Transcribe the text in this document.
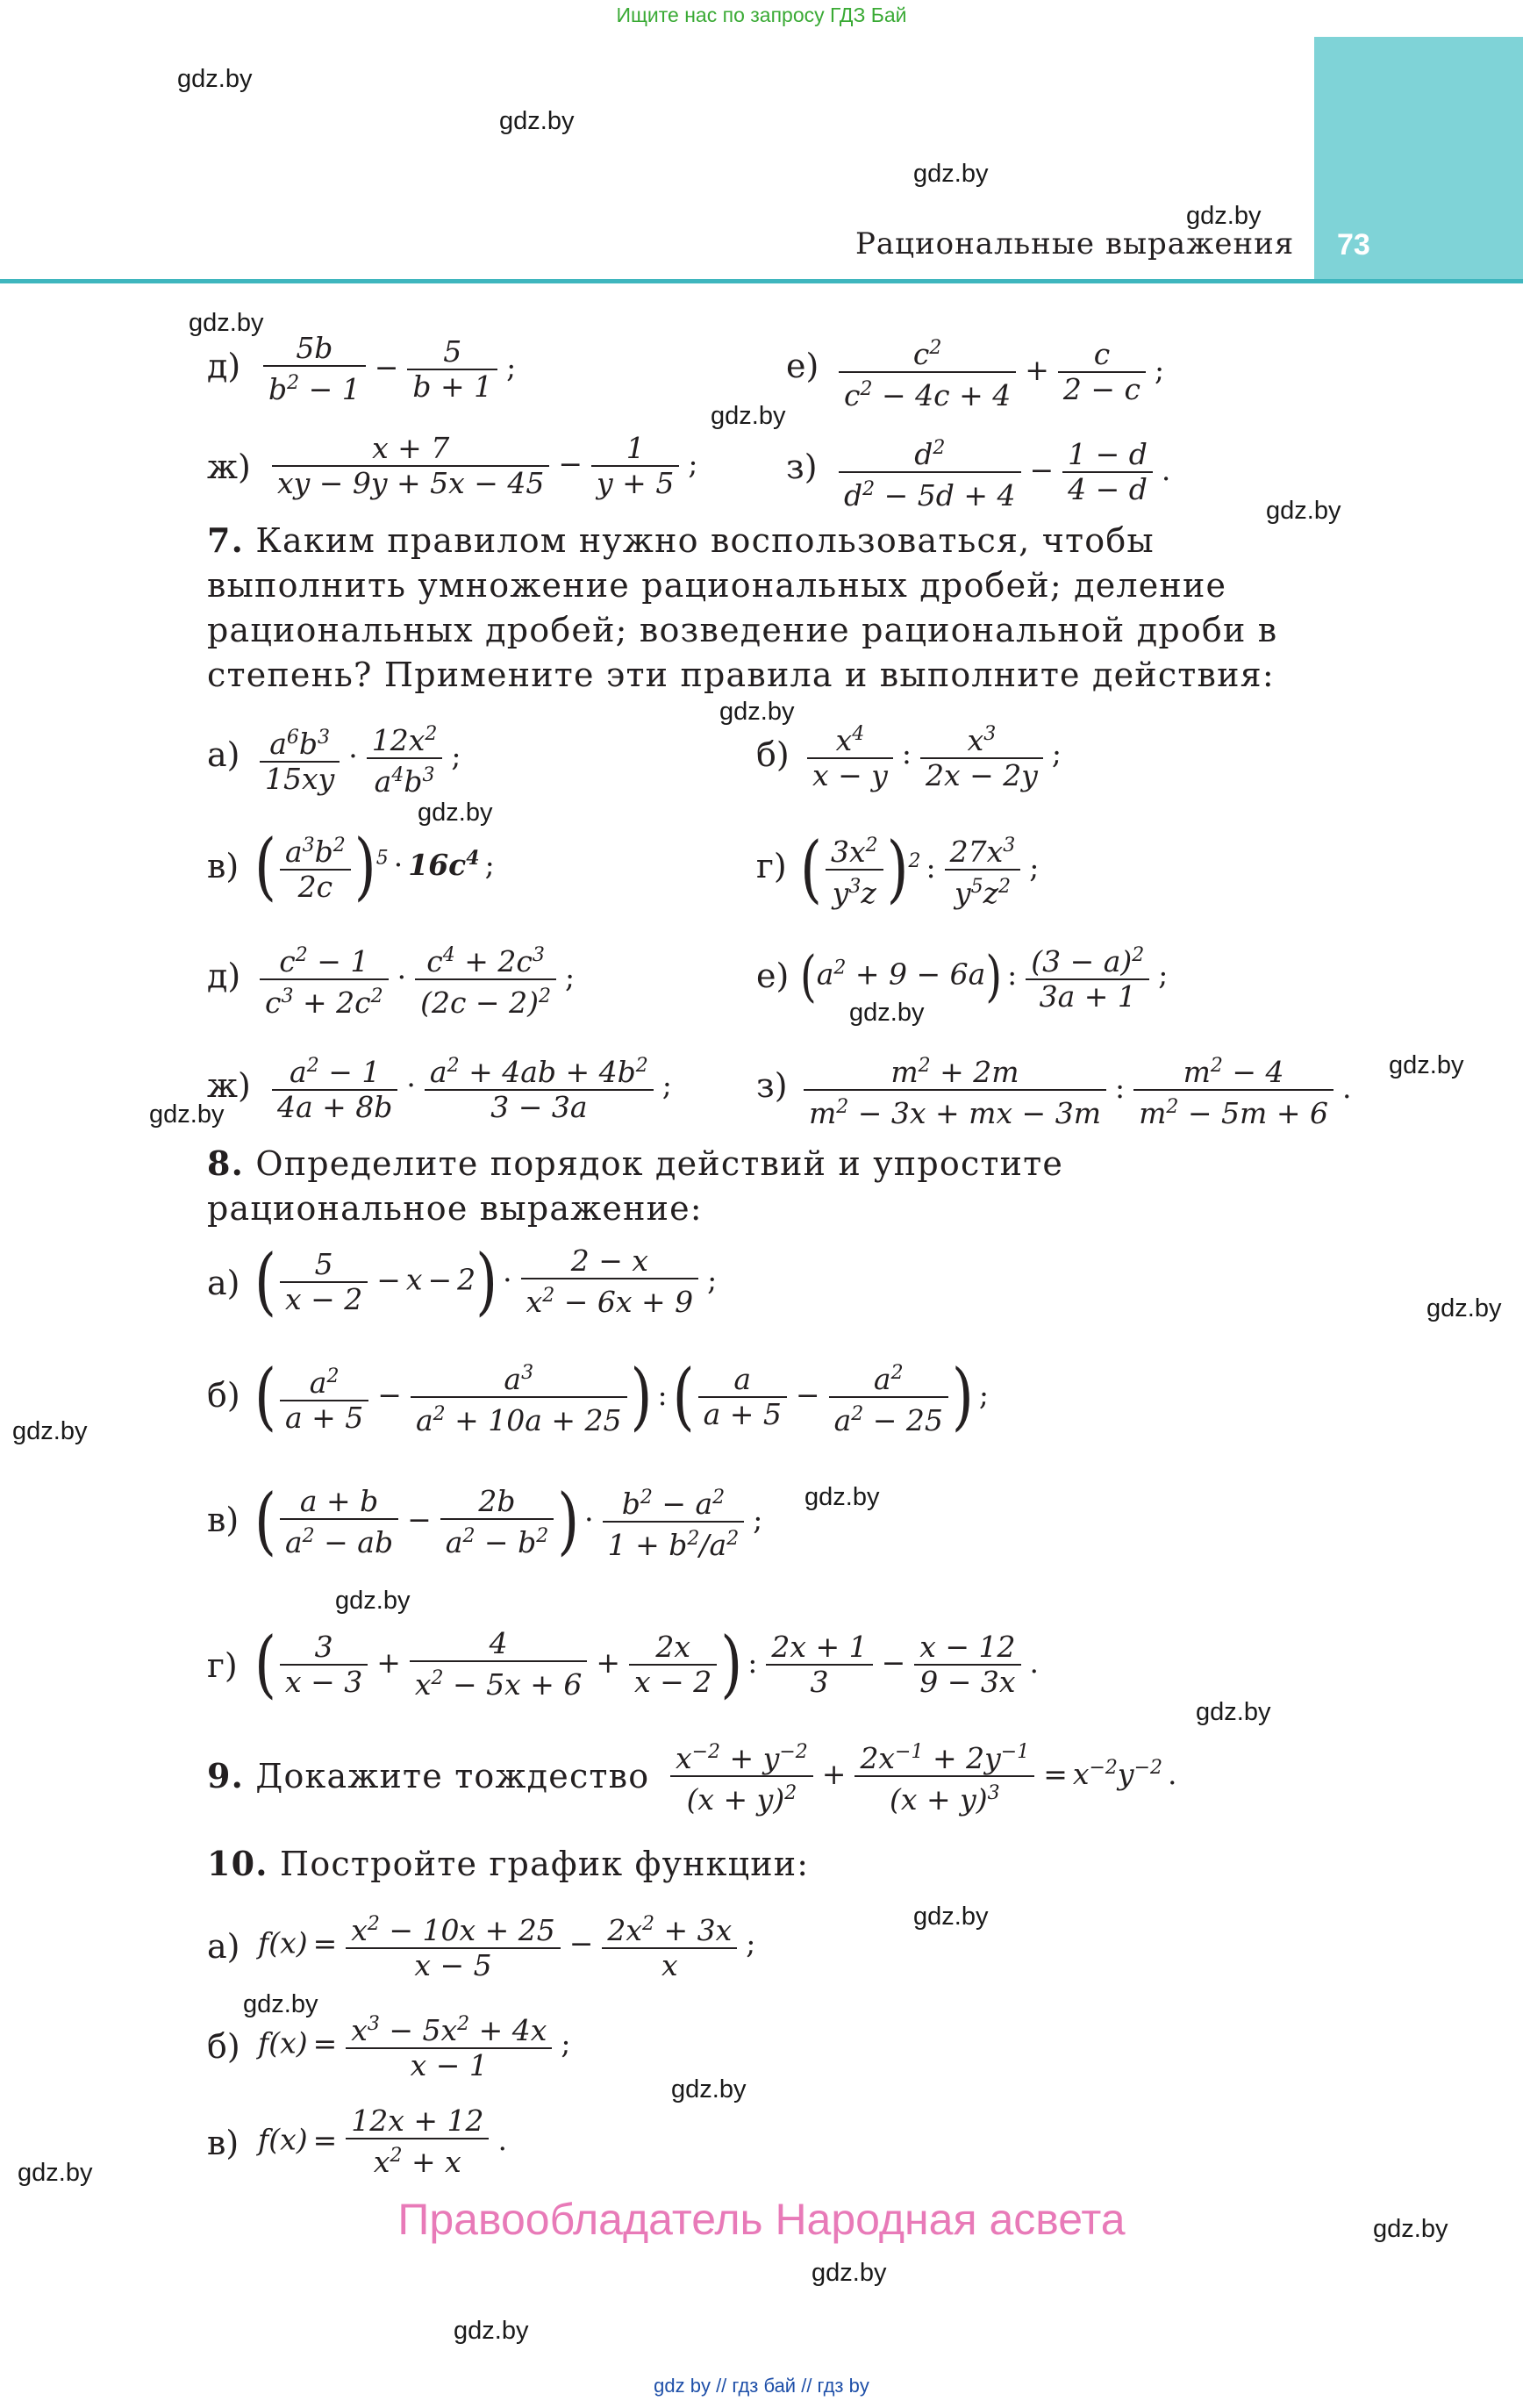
Ищите нас по запросу ГДЗ Бай
73
Рациональные выражения
gdz.by
gdz.by
gdz.by
gdz.by
gdz.by
gdz.by
gdz.by
gdz.by
gdz.by
gdz.by
gdz.by
gdz.by
gdz.by
gdz.by
gdz.by
gdz.by
gdz.by
gdz.by
gdz.by
gdz.by
gdz.by
gdz.by
gdz.by
gdz.by
$д) \frac{5b}{b^2 - 1} - \frac{5}{b + 1}$ ;	$е) \frac{c^2}{c^2 - 4c + 4} + \frac{c}{2 - c}$ ;
$ж) \frac{x + 7}{xy - 9y + 5x - 45} - \frac{1}{y + 5}$ ;	$з) \frac{d^2}{d^2 - 5d + 4} - \frac{1 - d}{4 - d}$ .
7. Каким правилом нужно воспользоваться, чтобы выполнить умножение рациональных дробей; деление рациональных дробей; возведение рациональной дроби в степень? Примените эти правила и выполните действия:
$а) \frac{a^6b^3}{15xy} \cdot \frac{12x^2}{a^4b^3}$ ;	$б) \frac{x^4}{x - y}$ : $\frac{x^3}{2x - 2y}$ ;
в) ( $\frac{a^3b^2}{2c} )^5 \cdot 16c^4$ ;	г) ( $\frac{3x^2}{y^3z} )^2$ : $\frac{27x^3}{y^5z^2}$ ;
$д) \frac{c^2 - 1}{c^3 + 2c^2} \cdot \frac{c^4 + 2c^3}{(2c - 2)^2}$ ;	е) $(a^2 + 9 - 6a)$ : $\frac{(3 - a)^2}{3a + 1}$ ;
$ж) \frac{a^2 - 1}{4a + 8b} \cdot \frac{a^2 + 4ab + 4b^2}{3 - 3a}$ ;	$з) \frac{m^2 + 2m}{m^2 - 3x + mx - 3m}$ : $\frac{m^2 - 4}{m^2 - 5m + 6}$ .
8. Определите порядок действий и упростите рациональное выражение:
а) ( $\frac{5}{x - 2} - x - 2) \cdot \frac{2 - x}{x^2 - 6x + 9}$ ;
б) ( $\frac{a^2}{a + 5} - \frac{a^3}{a^2 + 10a + 25}$ ) :( $\frac{a}{a + 5} - \frac{a^2}{a^2 - 25}$ ) ;
в) ( $\frac{a + b}{a^2 - ab} - \frac{2b}{a^2 - b^2}$ ) · $\frac{b^2 - a^2}{1 + b^2/a^2}$ ;
г) ( $\frac{3}{x - 3} + \frac{4}{x^2 - 5x + 6} + \frac{2x}{x - 2}$ ) : $\frac{2x + 1}{3} - \frac{x - 12}{9 - 3x}$ .
9. Докажите тождество $\frac{x^{-2} + y^{-2}}{(x + y)^2} + \frac{2x^{-1} + 2y^{-1}}{(x + y)^3} = x^{-2}y^{-2}$ .
10. Постройте график функции:
а) $f(x) = \frac{x^2 - 10x + 25}{x - 5} - \frac{2x^2 + 3x}{x}$ ;
б) $f(x) = \frac{x^3 - 5x^2 + 4x}{x - 1}$ ;
в) $f(x) = \frac{12x + 12}{x^2 + x}$ .
Правообладатель Народная асвета
gdz by // гдз бай // гдз by
